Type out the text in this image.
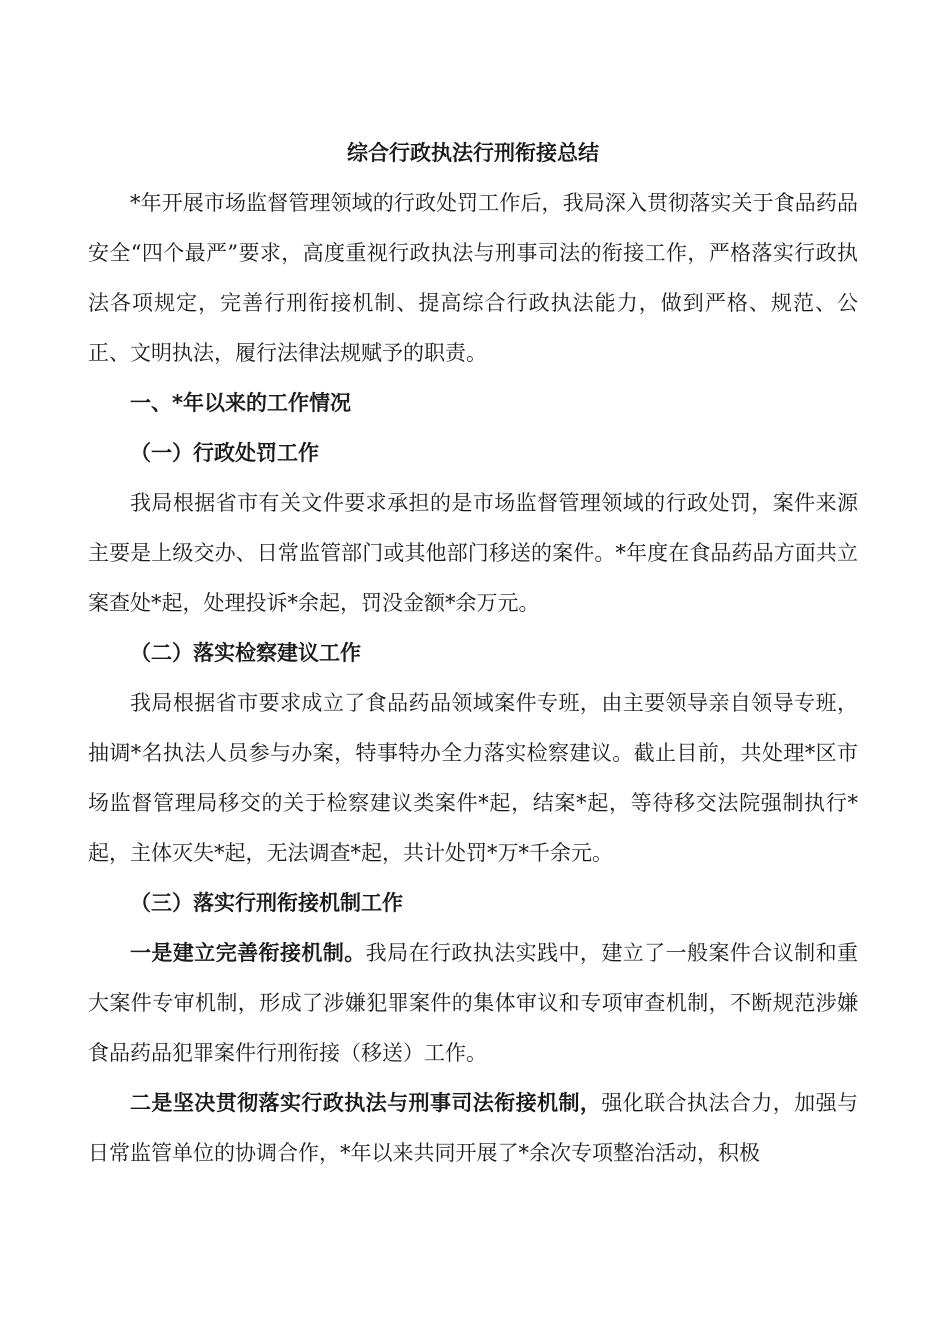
综合行政执法行刑衔接总结

*年开展市场监督管理领域的行政处罚工作后，我局深入贯彻落实关于食品药品安全“四个最严”要求，高度重视行政执法与刑事司法的衔接工作，严格落实行政执法各项规定，完善行刑衔接机制、提高综合行政执法能力，做到严格、规范、公正、文明执法，履行法律法规赋予的职责。

一、*年以来的工作情况

（一）行政处罚工作

我局根据省市有关文件要求承担的是市场监督管理领域的行政处罚，案件来源主要是上级交办、日常监管部门或其他部门移送的案件。*年度在食品药品方面共立案查处*起，处理投诉*余起，罚没金额*余万元。

（二）落实检察建议工作

我局根据省市要求成立了食品药品领域案件专班，由主要领导亲自领导专班，抽调*名执法人员参与办案，特事特办全力落实检察建议。截止目前，共处理*区市场监督管理局移交的关于检察建议类案件*起，结案*起，等待移交法院强制执行*起，主体灭失*起，无法调查*起，共计处罚*万*千余元。

（三）落实行刑衔接机制工作

一是建立完善衔接机制。我局在行政执法实践中，建立了一般案件合议制和重大案件专审机制，形成了涉嫌犯罪案件的集体审议和专项审查机制，不断规范涉嫌食品药品犯罪案件行刑衔接（移送）工作。

二是坚决贯彻落实行政执法与刑事司法衔接机制，强化联合执法合力，加强与日常监管单位的协调合作，*年以来共同开展了*余次专项整治活动，积极
